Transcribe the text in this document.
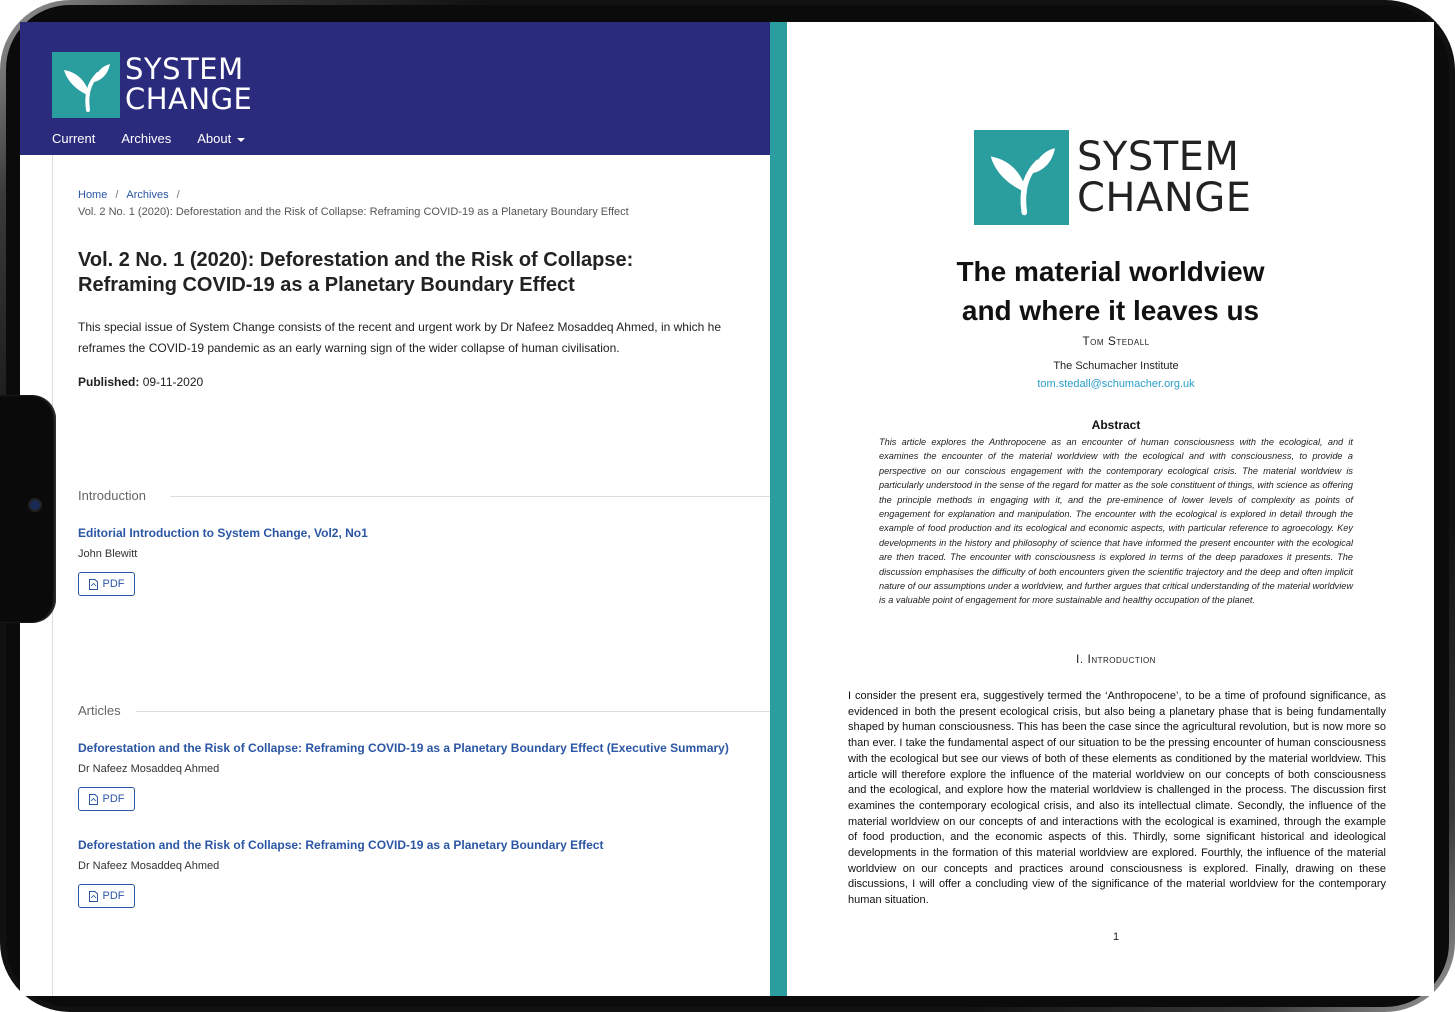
SYSTEM
CHANGE
Current Archives About
Home / Archives /
Vol. 2 No. 1 (2020): Deforestation and the Risk of Collapse: Reframing COVID-19 as a Planetary Boundary Effect
Vol. 2 No. 1 (2020): Deforestation and the Risk of Collapse: Reframing COVID-19 as a Planetary Boundary Effect
This special issue of System Change consists of the recent and urgent work by Dr Nafeez Mosaddeq Ahmed, in which he reframes the COVID-19 pandemic as an early warning sign of the wider collapse of human civilisation.
Published: 09-11-2020
Introduction
Editorial Introduction to System Change, Vol2, No1
John Blewitt
PDF
Articles
Deforestation and the Risk of Collapse: Reframing COVID-19 as a Planetary Boundary Effect (Executive Summary)
Dr Nafeez Mosaddeq Ahmed
PDF
Deforestation and the Risk of Collapse: Reframing COVID-19 as a Planetary Boundary Effect
Dr Nafeez Mosaddeq Ahmed
PDF
SYSTEM
CHANGE
The material worldview
and where it leaves us
Tom Stedall
The Schumacher Institute
tom.stedall@schumacher.org.uk
Abstract
This article explores the Anthropocene as an encounter of human consciousness with the ecological, and it examines the encounter of the material worldview with the ecological and with consciousness, to provide a perspective on our conscious engagement with the contemporary ecological crisis. The material worldview is particularly understood in the sense of the regard for matter as the sole constituent of things, with science as offering the principle methods in engaging with it, and the pre-eminence of lower levels of complexity as points of engagement for explanation and manipulation. The encounter with the ecological is explored in detail through the example of food production and its ecological and economic aspects, with particular reference to agroecology. Key developments in the history and philosophy of science that have informed the present encounter with the ecological are then traced. The encounter with consciousness is explored in terms of the deep paradoxes it presents. The discussion emphasises the difficulty of both encounters given the scientific trajectory and the deep and often implicit nature of our assumptions under a worldview, and further argues that critical understanding of the material worldview is a valuable point of engagement for more sustainable and healthy occupation of the planet.
I. Introduction
I consider the present era, suggestively termed the ‘Anthropocene’, to be a time of profound significance, as evidenced in both the present ecological crisis, but also being a planetary phase that is being fundamentally shaped by human consciousness. This has been the case since the agricultural revolution, but is now more so than ever. I take the fundamental aspect of our situation to be the pressing encounter of human consciousness with the ecological but see our views of both of these elements as conditioned by the material worldview. This article will therefore explore the influence of the material worldview on our concepts of both consciousness and the ecological, and explore how the material worldview is challenged in the process. The discussion first examines the contemporary ecological crisis, and also its intellectual climate. Secondly, the influence of the material worldview on our concepts of and interactions with the ecological is examined, through the example of food production, and the economic aspects of this. Thirdly, some significant historical and ideological developments in the formation of this material worldview are explored. Fourthly, the influence of the material worldview on our concepts and practices around consciousness is explored. Finally, drawing on these discussions, I will offer a concluding view of the significance of the material worldview for the contemporary human situation.
1
